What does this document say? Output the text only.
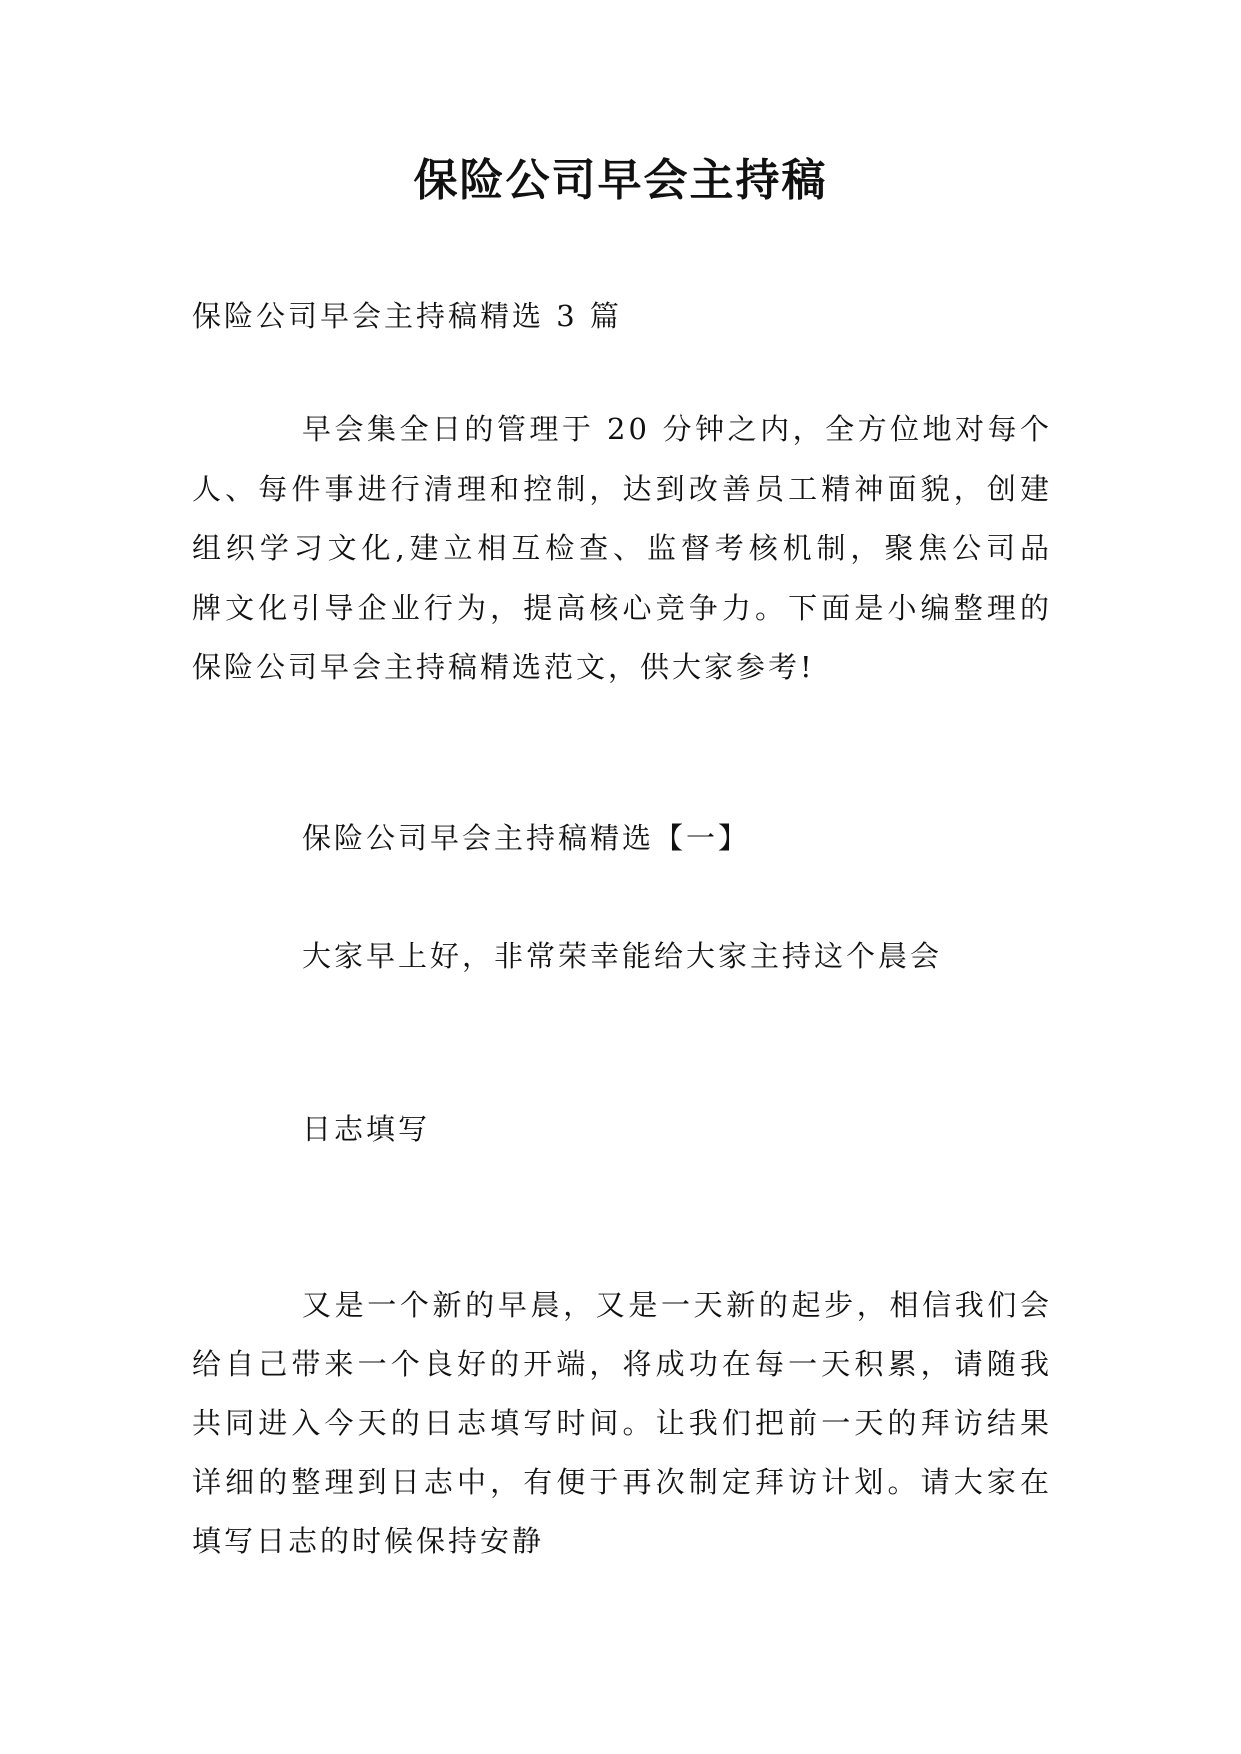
保险公司早会主持稿
保险公司早会主持稿精选 3 篇
早会集全日的管理于 20 分钟之内，全方位地对每个
人、每件事进行清理和控制，达到改善员工精神面貌，创建
组织学习文化,建立相互检查、监督考核机制，聚焦公司品
牌文化引导企业行为，提高核心竞争力。下面是小编整理的
保险公司早会主持稿精选范文，供大家参考!
保险公司早会主持稿精选【一】
大家早上好，非常荣幸能给大家主持这个晨会
日志填写
又是一个新的早晨，又是一天新的起步，相信我们会
给自己带来一个良好的开端，将成功在每一天积累，请随我
共同进入今天的日志填写时间。让我们把前一天的拜访结果
详细的整理到日志中，有便于再次制定拜访计划。请大家在
填写日志的时候保持安静
